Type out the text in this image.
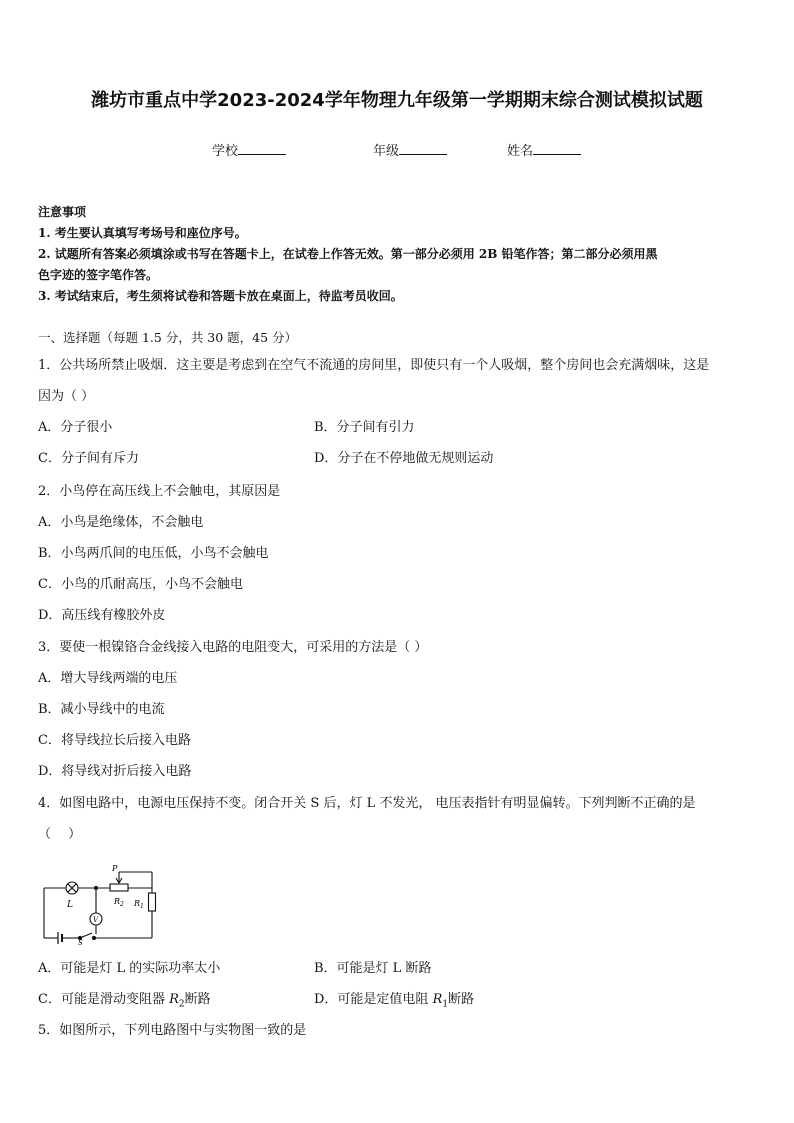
潍坊市重点中学2023-2024学年物理九年级第一学期期末综合测试模拟试题
学校	年级	姓名
注意事项
1. 考生要认真填写考场号和座位序号。
2. 试题所有答案必须填涂或书写在答题卡上，在试卷上作答无效。第一部分必须用 2B 铅笔作答；第二部分必须用黑
色字迹的签字笔作答。
3. 考试结束后，考生须将试卷和答题卡放在桌面上，待监考员收回。
一、选择题（每题 1.5 分，共 30 题，45 分）
1．公共场所禁止吸烟．这主要是考虑到在空气不流通的房间里，即使只有一个人吸烟，整个房间也会充满烟味，这是
因为（ ）
A．分子很小	B．分子间有引力
C．分子间有斥力	D．分子在不停地做无规则运动
2．小鸟停在高压线上不会触电，其原因是
A．小鸟是绝缘体，不会触电
B．小鸟两爪间的电压低，小鸟不会触电
C．小鸟的爪耐高压，小鸟不会触电
D．高压线有橡胶外皮
3．要使一根镍铬合金线接入电路的电阻变大，可采用的方法是（ ）
A．增大导线两端的电压
B．减小导线中的电流
C．将导线拉长后接入电路
D．将导线对折后接入电路
4．如图电路中，电源电压保持不变。闭合开关 S 后，灯 L 不发光， 电压表指针有明显偏转。下列判断不正确的是
（　 ）
L
V
P
$R_2$ $R_1$
S
A．可能是灯 L 的实际功率太小	B．可能是灯 L 断路
C．可能是滑动变阻器 $R_2$断路	D．可能是定值电阻 $R_1$断路
5．如图所示，下列电路图中与实物图一致的是
